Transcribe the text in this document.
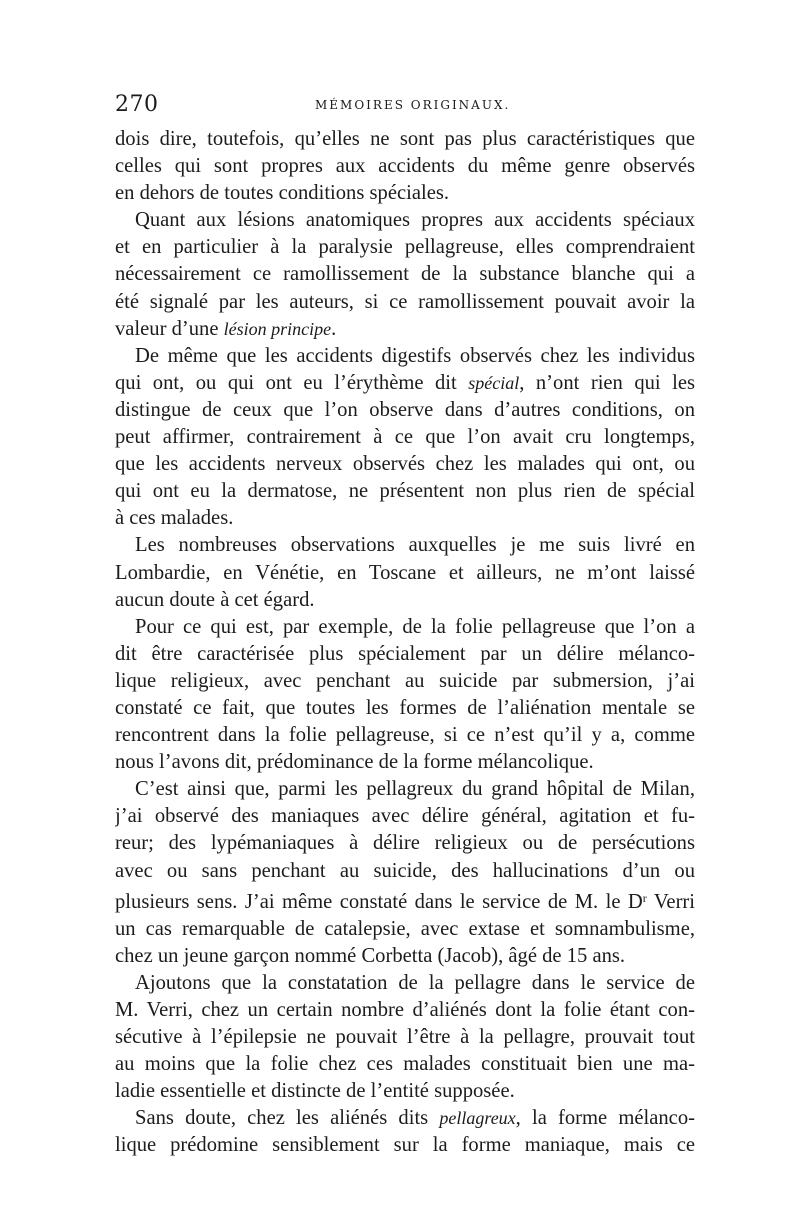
270	MÉMOIRES ORIGINAUX.
dois dire, toutefois, qu’elles ne sont pas plus caractéristiques que
celles qui sont propres aux accidents du même genre observés
en dehors de toutes conditions spéciales.
Quant aux lésions anatomiques propres aux accidents spéciaux
et en particulier à la paralysie pellagreuse, elles comprendraient
nécessairement ce ramollissement de la substance blanche qui a
été signalé par les auteurs, si ce ramollissement pouvait avoir la
valeur d’une lésion principe.
De même que les accidents digestifs observés chez les individus
qui ont, ou qui ont eu l’érythème dit spécial, n’ont rien qui les
distingue de ceux que l’on observe dans d’autres conditions, on
peut affirmer, contrairement à ce que l’on avait cru longtemps,
que les accidents nerveux observés chez les malades qui ont, ou
qui ont eu la dermatose, ne présentent non plus rien de spécial
à ces malades.
Les nombreuses observations auxquelles je me suis livré en
Lombardie, en Vénétie, en Toscane et ailleurs, ne m’ont laissé
aucun doute à cet égard.
Pour ce qui est, par exemple, de la folie pellagreuse que l’on a
dit être caractérisée plus spécialement par un délire mélanco-
lique religieux, avec penchant au suicide par submersion, j’ai
constaté ce fait, que toutes les formes de l’aliénation mentale se
rencontrent dans la folie pellagreuse, si ce n’est qu’il y a, comme
nous l’avons dit, prédominance de la forme mélancolique.
C’est ainsi que, parmi les pellagreux du grand hôpital de Milan,
j’ai observé des maniaques avec délire général, agitation et fu-
reur; des lypémaniaques à délire religieux ou de persécutions
avec ou sans penchant au suicide, des hallucinations d’un ou
plusieurs sens. J’ai même constaté dans le service de M. le $D^r$ Verri
un cas remarquable de catalepsie, avec extase et somnambulisme,
chez un jeune garçon nommé Corbetta (Jacob), âgé de 15 ans.
Ajoutons que la constatation de la pellagre dans le service de
M. Verri, chez un certain nombre d’aliénés dont la folie étant con-
sécutive à l’épilepsie ne pouvait l’être à la pellagre, prouvait tout
au moins que la folie chez ces malades constituait bien une ma-
ladie essentielle et distincte de l’entité supposée.
Sans doute, chez les aliénés dits pellagreux, la forme mélanco-
lique prédomine sensiblement sur la forme maniaque, mais ce
